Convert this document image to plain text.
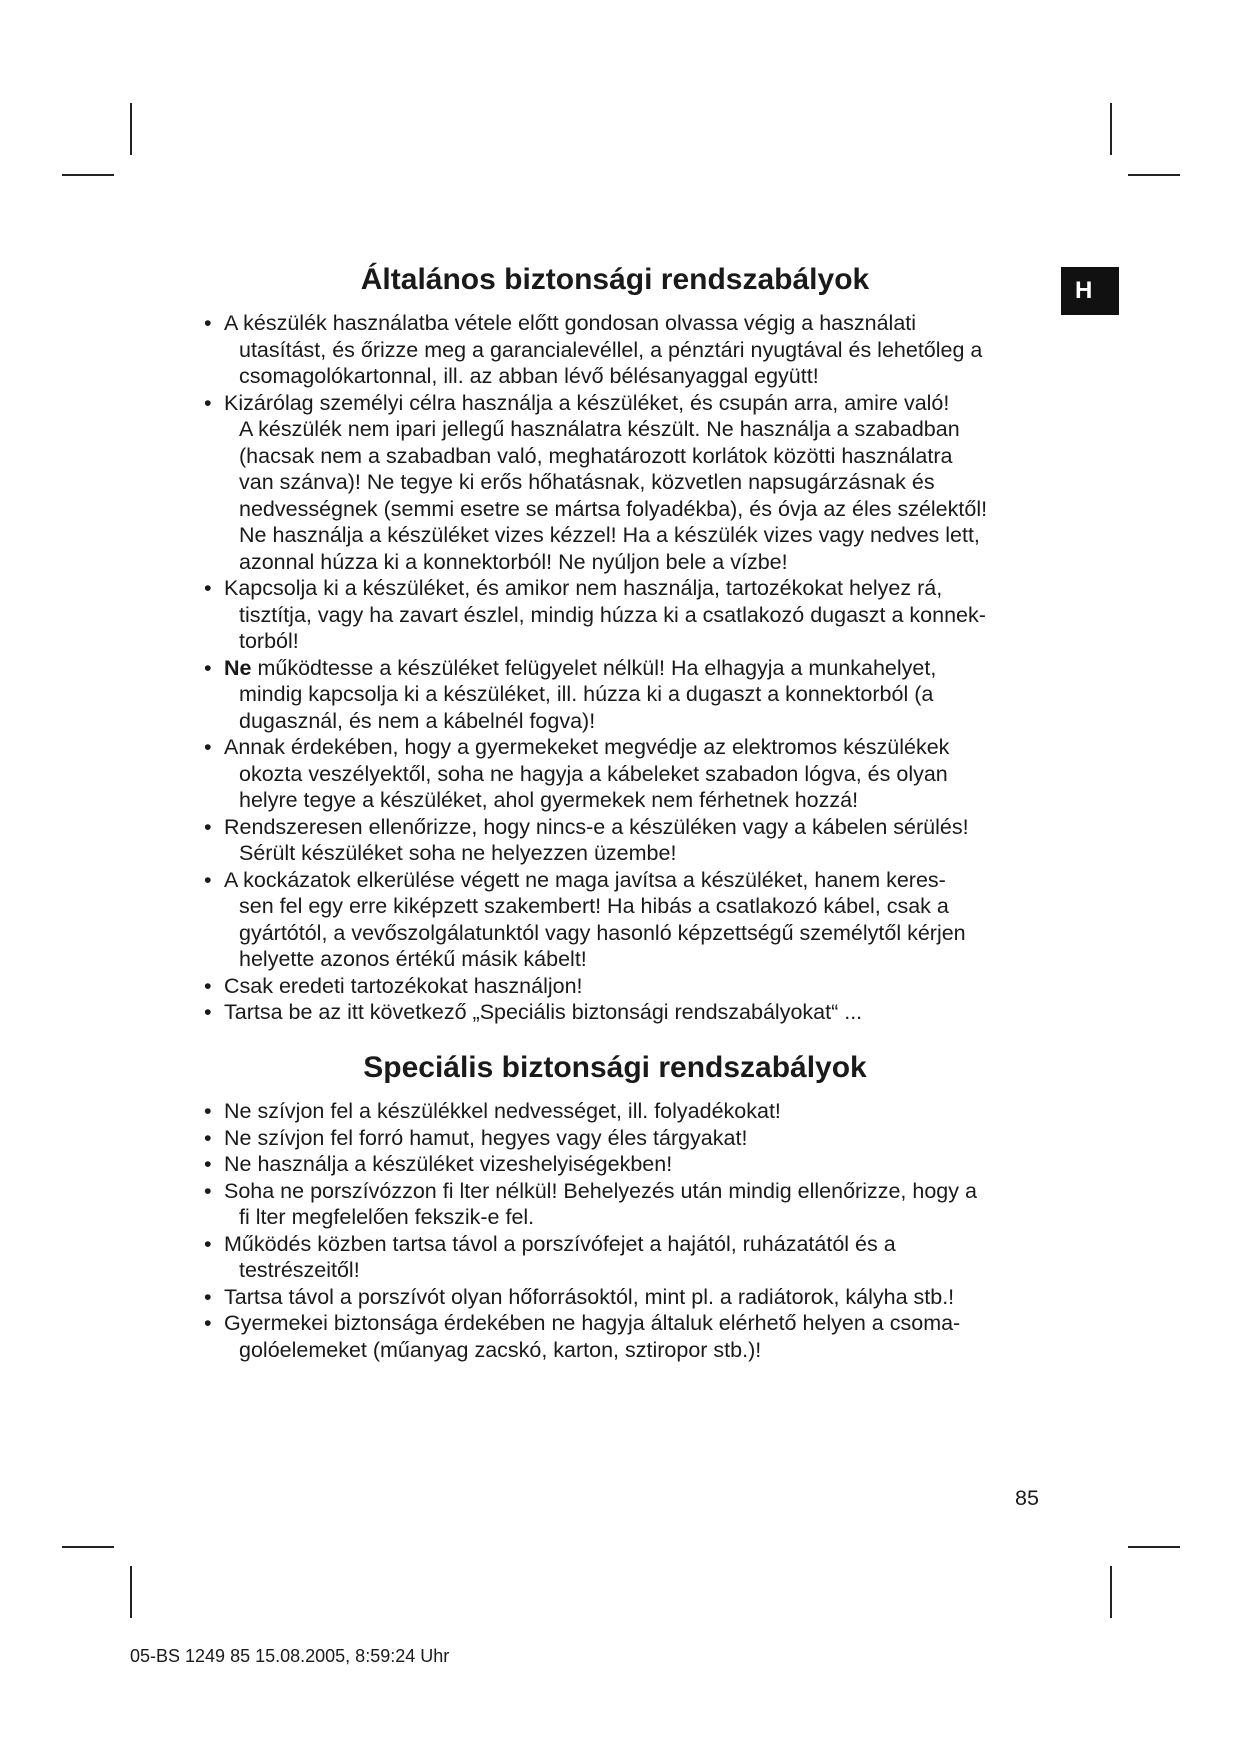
H
Általános biztonsági rendszabályok
• A készülék használatba vétele előtt gondosan olvassa végig a használati
utasítást, és őrizze meg a garancialevéllel, a pénztári nyugtával és lehetőleg a
csomagolókartonnal, ill. az abban lévő bélésanyaggal együtt!
• Kizárólag személyi célra használja a készüléket, és csupán arra, amire való!
A készülék nem ipari jellegű használatra készült. Ne használja a szabadban
(hacsak nem a szabadban való, meghatározott korlátok közötti használatra
van szánva)! Ne tegye ki erős hőhatásnak, közvetlen napsugárzásnak és
nedvességnek (semmi esetre se mártsa folyadékba), és óvja az éles szélektől!
Ne használja a készüléket vizes kézzel! Ha a készülék vizes vagy nedves lett,
azonnal húzza ki a konnektorból! Ne nyúljon bele a vízbe!
• Kapcsolja ki a készüléket, és amikor nem használja, tartozékokat helyez rá,
tisztítja, vagy ha zavart észlel, mindig húzza ki a csatlakozó dugaszt a konnek-
torból!
• Ne működtesse a készüléket felügyelet nélkül! Ha elhagyja a munkahelyet,
mindig kapcsolja ki a készüléket, ill. húzza ki a dugaszt a konnektorból (a
dugasznál, és nem a kábelnél fogva)!
• Annak érdekében, hogy a gyermekeket megvédje az elektromos készülékek
okozta veszélyektől, soha ne hagyja a kábeleket szabadon lógva, és olyan
helyre tegye a készüléket, ahol gyermekek nem férhetnek hozzá!
• Rendszeresen ellenőrizze, hogy nincs-e a készüléken vagy a kábelen sérülés!
Sérült készüléket soha ne helyezzen üzembe!
• A kockázatok elkerülése végett ne maga javítsa a készüléket, hanem keres-
sen fel egy erre kiképzett szakembert! Ha hibás a csatlakozó kábel, csak a
gyártótól, a vevőszolgálatunktól vagy hasonló képzettségű személytől kérjen
helyette azonos értékű másik kábelt!
• Csak eredeti tartozékokat használjon!
• Tartsa be az itt következő „Speciális biztonsági rendszabályokat“ ...
Speciális biztonsági rendszabályok
• Ne szívjon fel a készülékkel nedvességet, ill. folyadékokat!
• Ne szívjon fel forró hamut, hegyes vagy éles tárgyakat!
• Ne használja a készüléket vizeshelyiségekben!
• Soha ne porszívózzon fi lter nélkül! Behelyezés után mindig ellenőrizze, hogy a
fi lter megfelelően fekszik-e fel.
• Működés közben tartsa távol a porszívófejet a hajától, ruházatától és a
testrészeitől!
• Tartsa távol a porszívót olyan hőforrásoktól, mint pl. a radiátorok, kályha stb.!
• Gyermekei biztonsága érdekében ne hagyja általuk elérhető helyen a csoma-
golóelemeket (műanyag zacskó, karton, sztiropor stb.)!
85
05-BS 1249 85 15.08.2005, 8:59:24 Uhr
